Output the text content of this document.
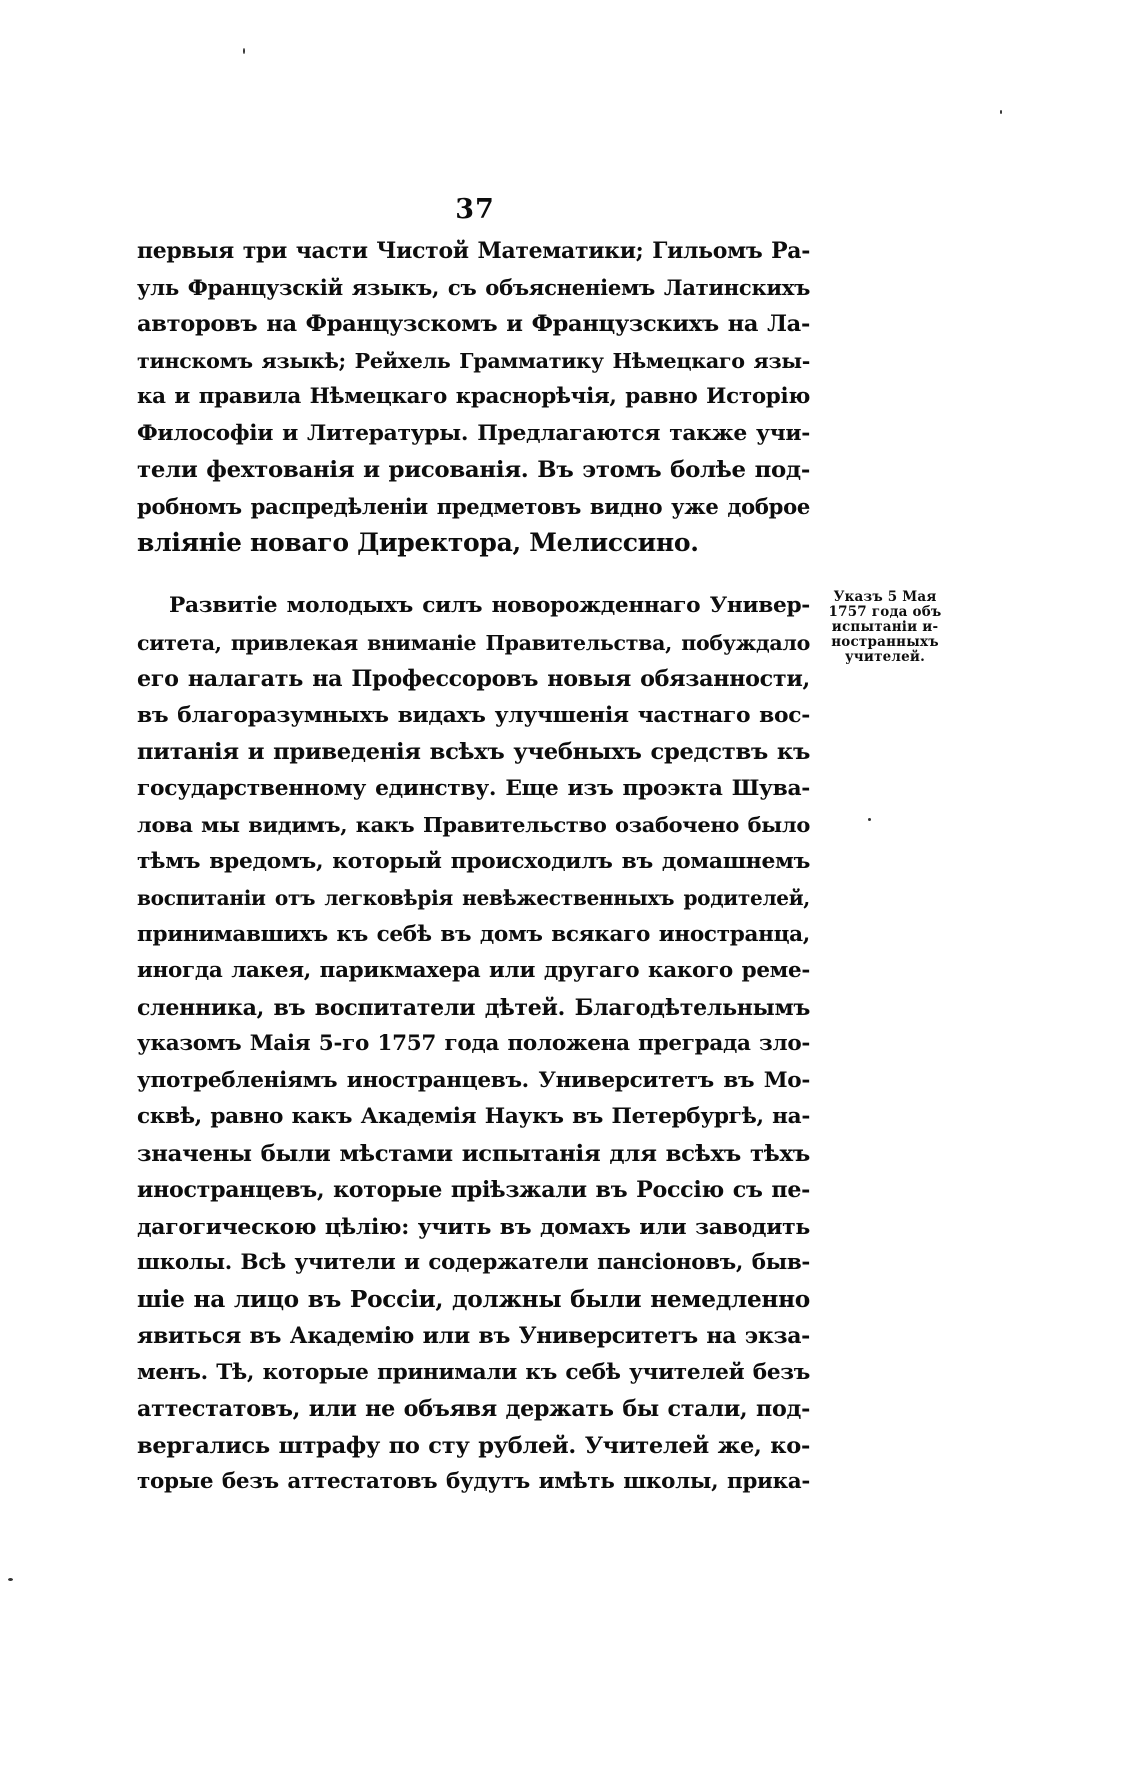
37
первыя три части Чистой Математики; Гильомъ Ра-
уль Французскій языкъ, съ объясненіемъ Латинскихъ
авторовъ на Французскомъ и Французскихъ на Ла-
тинскомъ языкѣ; Рейхель Грамматику Нѣмецкаго язы-
ка и правила Нѣмецкаго краснорѣчія, равно Исторію
Философіи и Литературы. Предлагаются также учи-
тели фехтованія и рисованія. Въ этомъ болѣе под-
робномъ распредѣленіи предметовъ видно уже доброе
вліяніе новаго Директора, Мелиссино.
Развитіе молодыхъ силъ новорожденнаго Универ-
ситета, привлекая вниманіе Правительства, побуждало
его налагать на Профессоровъ новыя обязанности,
въ благоразумныхъ видахъ улучшенія частнаго вос-
питанія и приведенія всѣхъ учебныхъ средствъ къ
государственному единству. Еще изъ проэкта Шува-
лова мы видимъ, какъ Правительство озабочено было
тѣмъ вредомъ, который происходилъ въ домашнемъ
воспитаніи отъ легковѣрія невѣжественныхъ родителей,
принимавшихъ къ себѣ въ домъ всякаго иностранца,
иногда лакея, парикмахера или другаго какого реме-
сленника, въ воспитатели дѣтей. Благодѣтельнымъ
указомъ Маія 5-го 1757 года положена преграда зло-
употребленіямъ иностранцевъ. Университетъ въ Мо-
сквѣ, равно какъ Академія Наукъ въ Петербургѣ, на-
значены были мѣстами испытанія для всѣхъ тѣхъ
иностранцевъ, которые пріѣзжали въ Россію съ пе-
дагогическою цѣлію: учить въ домахъ или заводить
школы. Всѣ учители и содержатели пансіоновъ, быв-
шіе на лицо въ Россіи, должны были немедленно
явиться въ Академію или въ Университетъ на экза-
менъ. Тѣ, которые принимали къ себѣ учителей безъ
аттестатовъ, или не объявя держать бы стали, под-
вергались штрафу по сту рублей. Учителей же, ко-
торые безъ аттестатовъ будутъ имѣть школы, прика-
Указъ 5 Мая
1757 года объ
испытаніи и-
ностранныхъ
учителей.
